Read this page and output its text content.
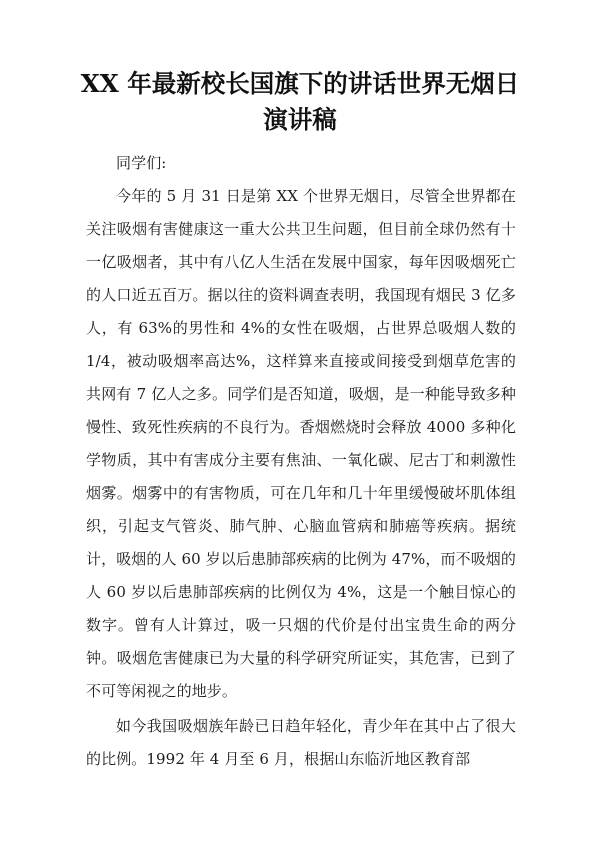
XX 年最新校长国旗下的讲话世界无烟日
演讲稿
同学们:

今年的 5 月 31 日是第 XX 个世界无烟日，尽管全世界都在关注吸烟有害健康这一重大公共卫生问题，但目前全球仍然有十一亿吸烟者，其中有八亿人生活在发展中国家，每年因吸烟死亡的人口近五百万。据以往的资料调查表明，我国现有烟民 3 亿多人，有 63%的男性和 4%的女性在吸烟，占世界总吸烟人数的 1/4，被动吸烟率高达%，这样算来直接或间接受到烟草危害的共网有 7 亿人之多。同学们是否知道，吸烟，是一种能导致多种慢性、致死性疾病的不良行为。香烟燃烧时会释放 4000 多种化学物质，其中有害成分主要有焦油、一氧化碳、尼古丁和刺激性烟雾。烟雾中的有害物质，可在几年和几十年里缓慢破坏肌体组织，引起支气管炎、肺气肿、心脑血管病和肺癌等疾病。据统计，吸烟的人 60 岁以后患肺部疾病的比例为 47%，而不吸烟的人 60 岁以后患肺部疾病的比例仅为 4%，这是一个触目惊心的数字。曾有人计算过，吸一只烟的代价是付出宝贵生命的两分钟。吸烟危害健康已为大量的科学研究所证实，其危害，已到了不可等闲视之的地步。

如今我国吸烟族年龄已日趋年轻化，青少年在其中占了很大的比例。1992 年 4 月至 6 月，根据山东临沂地区教育部
